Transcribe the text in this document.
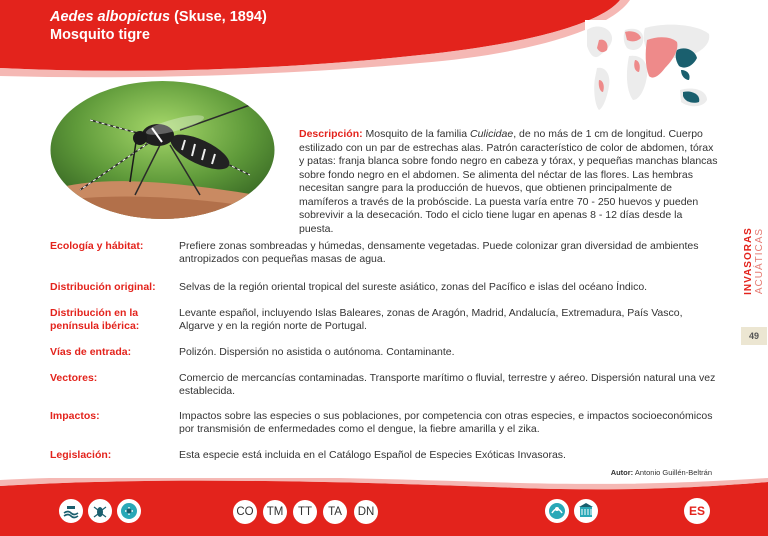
Aedes albopictus (Skuse, 1894)
Mosquito tigre
Descripción: Mosquito de la familia Culicidae, de no más de 1 cm de longitud. Cuerpo estilizado con un par de estrechas alas. Patrón característico de color de abdomen, tórax y patas: franja blanca sobre fondo negro en cabeza y tórax, y pequeñas manchas blancas sobre fondo negro en el abdomen. Se alimenta del néctar de las flores. Las hembras necesitan sangre para la producción de huevos, que obtienen principalmente de mamíferos a través de la probóscide. La puesta varía entre 70 - 250 huevos y pueden sobrevivir a la desecación. Todo el ciclo tiene lugar en apenas 8 - 12 días desde la puesta.
Ecología y hábitat:	Prefiere zonas sombreadas y húmedas, densamente vegetadas. Puede colonizar gran diversidad de ambientes antropizados con pequeñas masas de agua.
Distribución original:	Selvas de la región oriental tropical del sureste asiático, zonas del Pacífico e islas del océano Índico.
Distribución en la península ibérica:
Levante español, incluyendo Islas Baleares, zonas de Aragón, Madrid, Andalucía, Extremadura, País Vasco, Algarve y en la región norte de Portugal.
Vías de entrada:	Polizón. Dispersión no asistida o autónoma. Contaminante.
Vectores:	Comercio de mercancías contaminadas. Transporte marítimo o fluvial, terrestre y aéreo. Dispersión natural una vez establecida.
Impactos:	Impactos sobre las especies o sus poblaciones, por competencia con otras especies, e impactos socioeconómicos por transmisión de enfermedades como el dengue, la fiebre amarilla y el zika.
Legislación:	Esta especie está incluida en el Catálogo Español de Especies Exóticas Invasoras.
INVASORAS ACUÁTICAS
49
Autor: Antonio Guillén-Beltrán
CO	TM	TT	TA	DN	ES
